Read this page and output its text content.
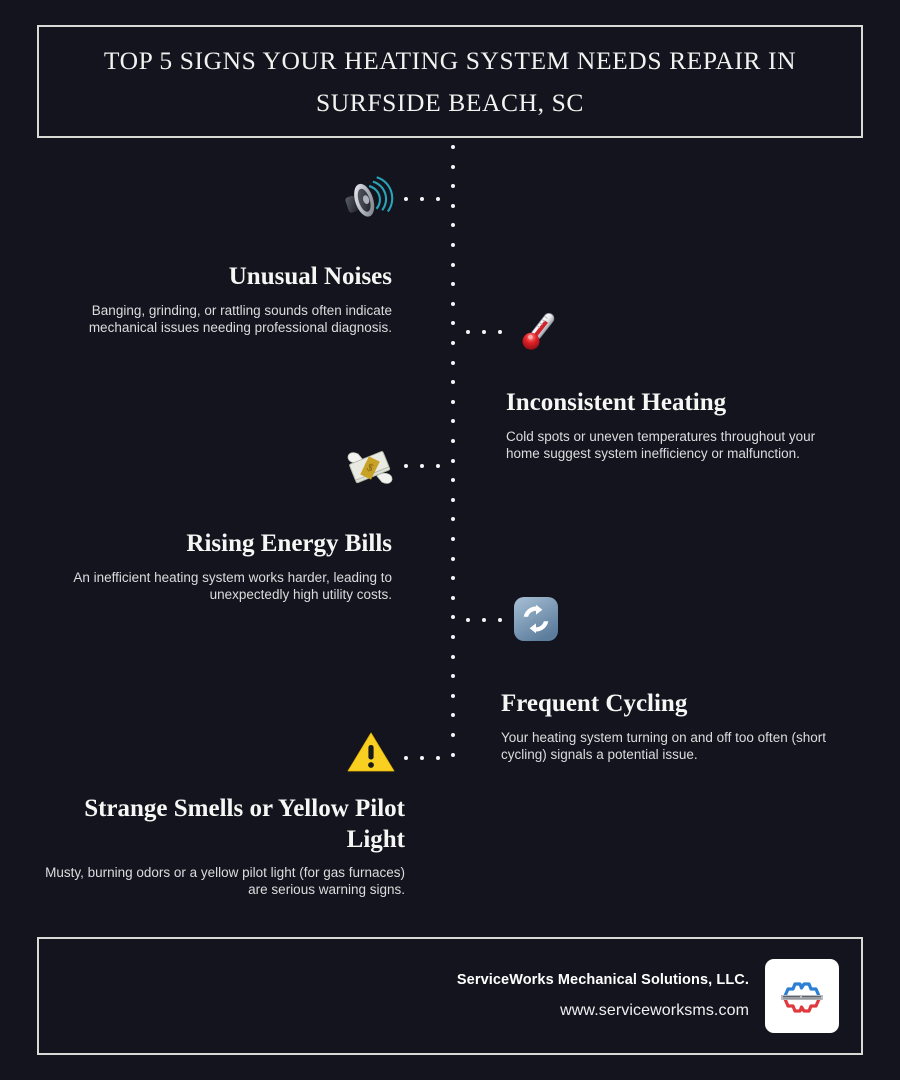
TOP 5 SIGNS YOUR HEATING SYSTEM NEEDS REPAIR IN SURFSIDE BEACH, SC
Unusual Noises
Banging, grinding, or rattling sounds often indicate mechanical issues needing professional diagnosis.
Inconsistent Heating
Cold spots or uneven temperatures throughout your home suggest system inefficiency or malfunction.
$
Rising Energy Bills
An inefficient heating system works harder, leading to unexpectedly high utility costs.
Frequent Cycling
Your heating system turning on and off too often (short cycling) signals a potential issue.
Strange Smells or Yellow Pilot Light
Musty, burning odors or a yellow pilot light (for gas furnaces) are serious warning signs.
ServiceWorks Mechanical Solutions, LLC.
www.serviceworksms.com
